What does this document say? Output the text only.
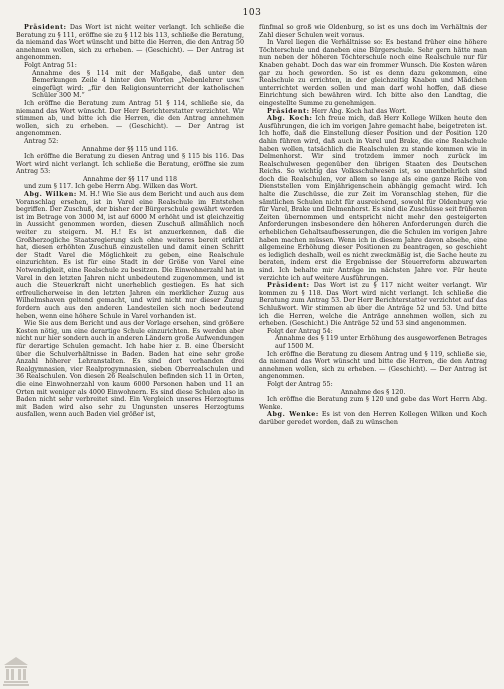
103

Präsident: Das Wort ist nicht weiter verlangt. Ich schließe die Beratung zu § 111, eröffne sie zu § 112 bis 113, schließe die Beratung, da niemand das Wort wünscht und bitte die Herren, die den Antrag 50 annehmen wollen, sich zu erheben. — (Geschicht). — Der Antrag ist angenommen.

Folgt Antrag 51:

Annahme des § 114 mit der Maßgabe, daß unter den Bemerkungen Zeile 4 hinter den Worten „Nebenlehrer usw.“ eingefügt wird: „für den Religionsunterricht der katholischen Schüler 300 M.“

Ich eröffne die Beratung zum Antrag 51 § 114, schließe sie, da niemand das Wort wünscht. Der Herr Berichterstatter verzichtet. Wir stimmen ab, und bitte ich die Herren, die den Antrag annehmen wollen, sich zu erheben. — (Geschicht). — Der Antrag ist angenommen.

Antrag 52:

Annahme der §§ 115 und 116.

Ich eröffne die Beratung zu diesen Antrag und § 115 bis 116. Das Wort wird nicht verlangt. Ich schließe die Beratung, eröffne sie zum Antrag 53:

Annahme der §§ 117 und 118

und zum § 117. Ich gebe Herrn Abg. Wilken das Wort.

Abg. Wilken: M. H.! Wie Sie aus dem Bericht und auch aus dem Voranschlag ersehen, ist in Varel eine Realschule im Entstehen begriffen. Der Zuschuß, der bisher der Bürgerschule gewährt worden ist im Betrage von 3000 M, ist auf 6000 M erhöht und ist gleichzeitig in Aussicht genommen worden, diesen Zuschuß allmählich noch weiter zu steigern. M. H.! Es ist anzuerkennen, daß die Großherzogliche Staatsregierung sich ohne weiteres bereit erklärt hat, diesen erhöhten Zuschuß einzustellen und damit einen Schritt der Stadt Varel die Möglichkeit zu geben, eine Realschule einzurichten. Es ist für eine Stadt in der Größe von Varel eine Notwendigkeit, eine Realschule zu besitzen. Die Einwohnerzahl hat in Varel in den letzten Jahren nicht unbedeutend zugenommen, und ist auch die Steuerkraft nicht unerheblich gestiegen. Es hat sich erfreulicherweise in den letzten Jahren ein merklicher Zuzug aus Wilhelmshaven geltend gemacht, und wird nicht nur dieser Zuzug fordern auch aus den anderen Landesteilen sich noch bedeutend heben, wenn eine höhere Schule in Varel vorhanden ist.

Wie Sie aus dem Bericht und aus der Vorlage ersehen, sind größere Kosten nötig, um eine derartige Schule einzurichten. Es werden aber nicht nur hier sondern auch in anderen Ländern große Aufwendungen für derartige Schulen gemacht. Ich habe hier z. B. eine Übersicht über die Schulverhältnisse in Baden. Baden hat eine sehr große Anzahl höherer Lehranstalten. Es sind dort vorhanden drei Realgymnasien, vier Realprogymnasien, sieben Oberrealschulen und 36 Realschulen. Von diesen 26 Realschulen befinden sich 11 in Orten, die eine Einwohnerzahl von kaum 6000 Personen haben und 11 an Orten mit weniger als 4000 Einwohnern. Es sind diese Schulen also in Baden nicht sehr verbreitet sind. Ein Vergleich unseres Herzogtums mit Baden wird also sehr zu Ungunsten unseres Herzogtums ausfallen, wenn auch Baden viel größer ist,

fünfmal so groß wie Oldenburg, so ist es uns doch im Verhältnis der Zahl dieser Schulen weit voraus.

In Varel liegen die Verhältnisse so: Es bestand früher eine höhere Töchterschule und daneben eine Bürgerschule. Sehr gern hätte man nun neben der höheren Töchterschule noch eine Realschule nur für Knaben gehabt. Doch das war ein frommer Wunsch. Die Kosten wären gar zu hoch geworden. So ist es denn dazu gekommen, eine Realschule zu errichten, in der gleichzeitig Knaben und Mädchen unterrichtet werden sollen und man darf wohl hoffen, daß diese Einrichtung sich bewähren wird. Ich bitte also den Landtag, die eingestellte Summe zu genehmigen.

Präsident: Herr Abg. Koch hat das Wort.

Abg. Koch: Ich freue mich, daß Herr Kollege Wilken heute den Ausführungen, die ich im vorigen Jahre gemacht habe, beigetreten ist. Ich hoffe, daß die Einstellung dieser Position und der Position 120 dahin führen wird, daß auch in Varel und Brake, die eine Realschule haben wollen, tatsächlich die Realschulen zu stande kommen wie in Delmenhorst. Wir sind trotzdem immer noch zurück im Realschulwesen gegenüber den übrigen Staaten des Deutschen Reichs. So wichtig das Volksschulwesen ist, so unentbehrlich sind doch die Realschulen, vor allem so lange als eine ganze Reihe von Dienststellen vom Einjährigenschein abhängig gemacht wird. Ich halte die Zuschüsse, die zur Zeit im Voranschlag stehen, für die sämtlichen Schulen nicht für ausreichend, sowohl für Oldenburg wie für Varel, Brake und Delmenhorst. Es sind die Zuschüsse seit früheren Zeiten übernommen und entspricht nicht mehr den gesteigerten Anforderungen insbesondere den höheren Anforderungen durch die erheblichen Gehaltsaufbesserungen, die die Schulen im vorigen Jahre haben machen müssen. Wenn ich in diesem Jahre davon absehe, eine allgemeine Erhöhung dieser Positionen zu beantragen, so geschieht es lediglich deshalb, weil es nicht zweckmäßig ist, die Sache heute zu beraten, indem erst die Ergebnisse der Steuerreform abzuwarten sind. Ich behalte mir Anträge im nächsten Jahre vor. Für heute verzichte ich auf weitere Ausführungen.

Präsident: Das Wort ist zu § 117 nicht weiter verlangt. Wir kommen zu § 118. Das Wort wird nicht verlangt. Ich schließe die Beratung zum Antrag 53. Der Herr Berichterstatter verzichtet auf das Schlußwort. Wir stimmen ab über die Anträge 52 und 53. Und bitte ich die Herren, welche die Anträge annehmen wollen, sich zu erheben. (Geschicht.) Die Anträge 52 und 53 sind angenommen.

Folgt der Antrag 54:

Annahme des § 119 unter Erhöhung des ausgeworfenen Betrages auf 1500 M.

Ich eröffne die Beratung zu diesem Antrag und § 119, schließe sie, da niemand das Wort wünscht und bitte die Herren, die den Antrag annehmen wollen, sich zu erheben. — (Geschicht). — Der Antrag ist angenommen.

Folgt der Antrag 55:

Annahme des § 120.

Ich eröffne die Beratung zum § 120 und gebe das Wort Herrn Abg. Wenke.

Abg. Wenke: Es ist von den Herren Kollegen Wilken und Koch darüber geredet worden, daß zu wünschen
